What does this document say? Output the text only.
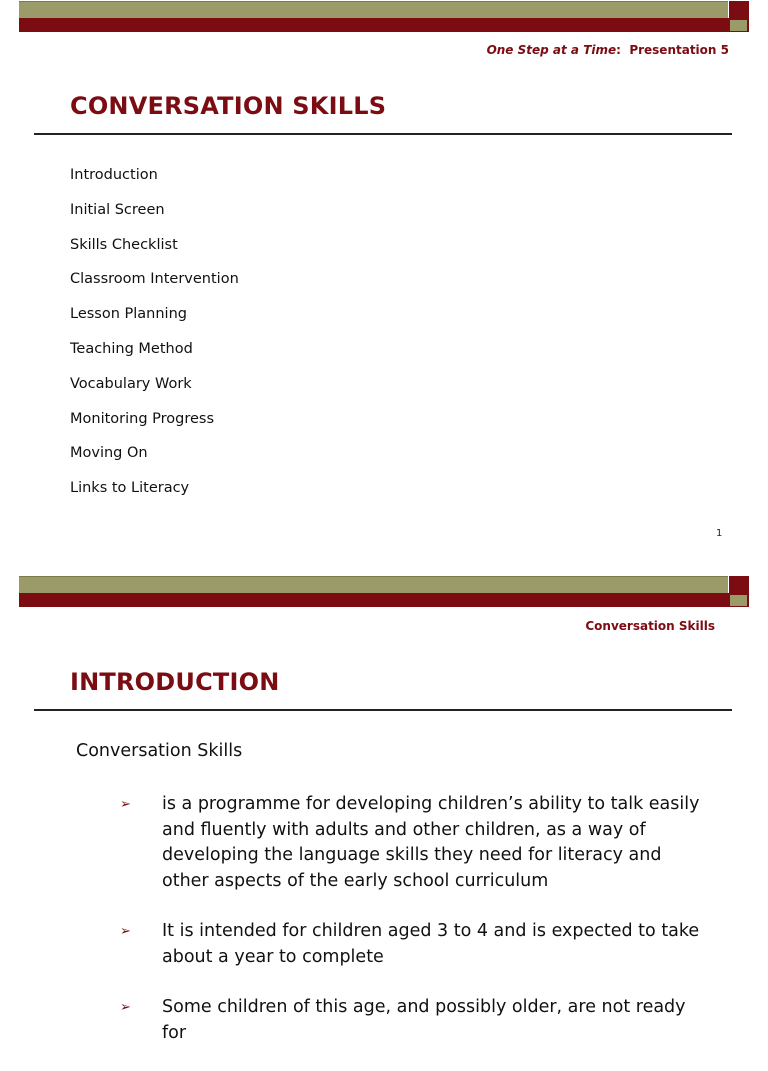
One Step at a Time: Presentation 5
CONVERSATION SKILLS
Introduction
Initial Screen
Skills Checklist
Classroom Intervention
Lesson Planning
Teaching Method
Vocabulary Work
Monitoring Progress
Moving On
Links to Literacy
1
Conversation Skills
INTRODUCTION
Conversation Skills
➢ is a programme for developing children’s ability to talk easily and fluently with adults and other children, as a way of developing the language skills they need for literacy and other aspects of the early school curriculum
➢ It is intended for children aged 3 to 4 and is expected to take about a year to complete
➢ Some children of this age, and possibly older, are not ready for
